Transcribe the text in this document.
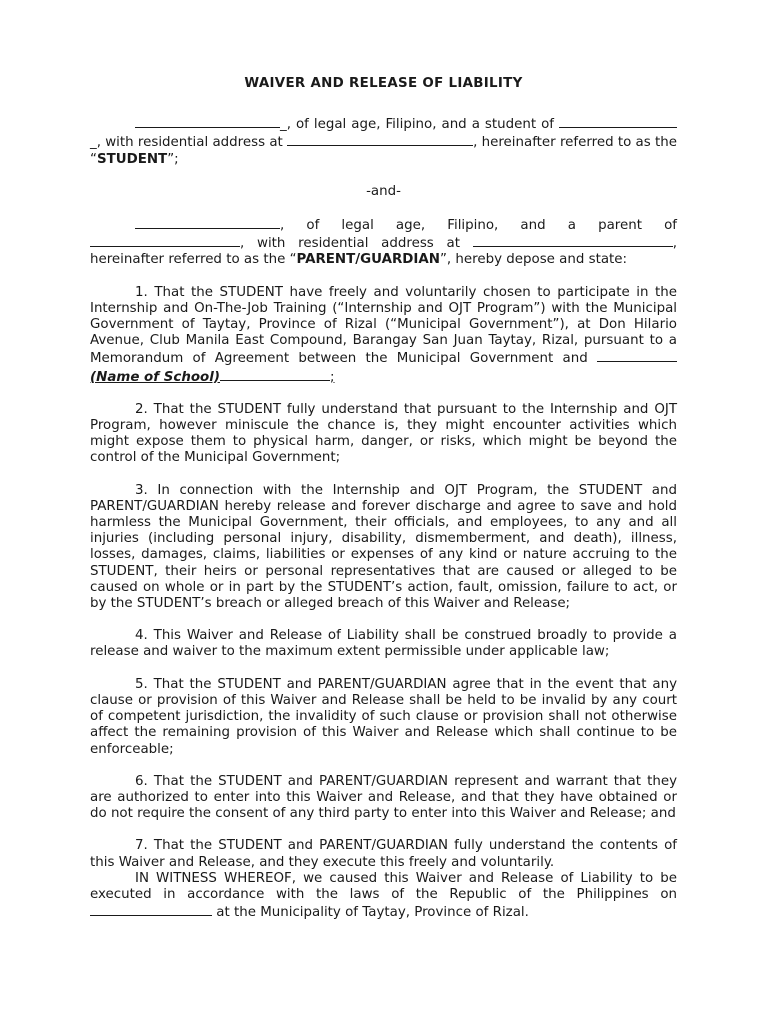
WAIVER AND RELEASE OF LIABILITY

_, of legal age, Filipino, and a student of _, with residential address at	, hereinafter referred to as the “STUDENT”;

-and-

, of legal age, Filipino, and a parent of , with residential address at	, hereinafter referred to as the “PARENT/GUARDIAN”, hereby depose and state:

1. That the STUDENT have freely and voluntarily chosen to participate in the Internship and On-The-Job Training (“Internship and OJT Program”) with the Municipal Government of Taytay, Province of Rizal (“Municipal Government”), at Don Hilario Avenue, Club Manila East Compound, Barangay San Juan Taytay, Rizal, pursuant to a Memorandum of Agreement between the Municipal Government and (Name of School)	;

2. That the STUDENT fully understand that pursuant to the Internship and OJT Program, however miniscule the chance is, they might encounter activities which might expose them to physical harm, danger, or risks, which might be beyond the control of the Municipal Government;

3. In connection with the Internship and OJT Program, the STUDENT and PARENT/GUARDIAN hereby release and forever discharge and agree to save and hold harmless the Municipal Government, their officials, and employees, to any and all injuries (including personal injury, disability, dismemberment, and death), illness, losses, damages, claims, liabilities or expenses of any kind or nature accruing to the STUDENT, their heirs or personal representatives that are caused or alleged to be caused on whole or in part by the STUDENT’s action, fault, omission, failure to act, or by the STUDENT’s breach or alleged breach of this Waiver and Release;

4. This Waiver and Release of Liability shall be construed broadly to provide a release and waiver to the maximum extent permissible under applicable law;

5. That the STUDENT and PARENT/GUARDIAN agree that in the event that any clause or provision of this Waiver and Release shall be held to be invalid by any court of competent jurisdiction, the invalidity of such clause or provision shall not otherwise affect the remaining provision of this Waiver and Release which shall continue to be enforceable;

6. That the STUDENT and PARENT/GUARDIAN represent and warrant that they are authorized to enter into this Waiver and Release, and that they have obtained or do not require the consent of any third party to enter into this Waiver and Release; and

7. That the STUDENT and PARENT/GUARDIAN fully understand the contents of this Waiver and Release, and they execute this freely and voluntarily.

IN WITNESS WHEREOF, we caused this Waiver and Release of Liability to be executed in accordance with the laws of the Republic of the Philippines on  at the Municipality of Taytay, Province of Rizal.
